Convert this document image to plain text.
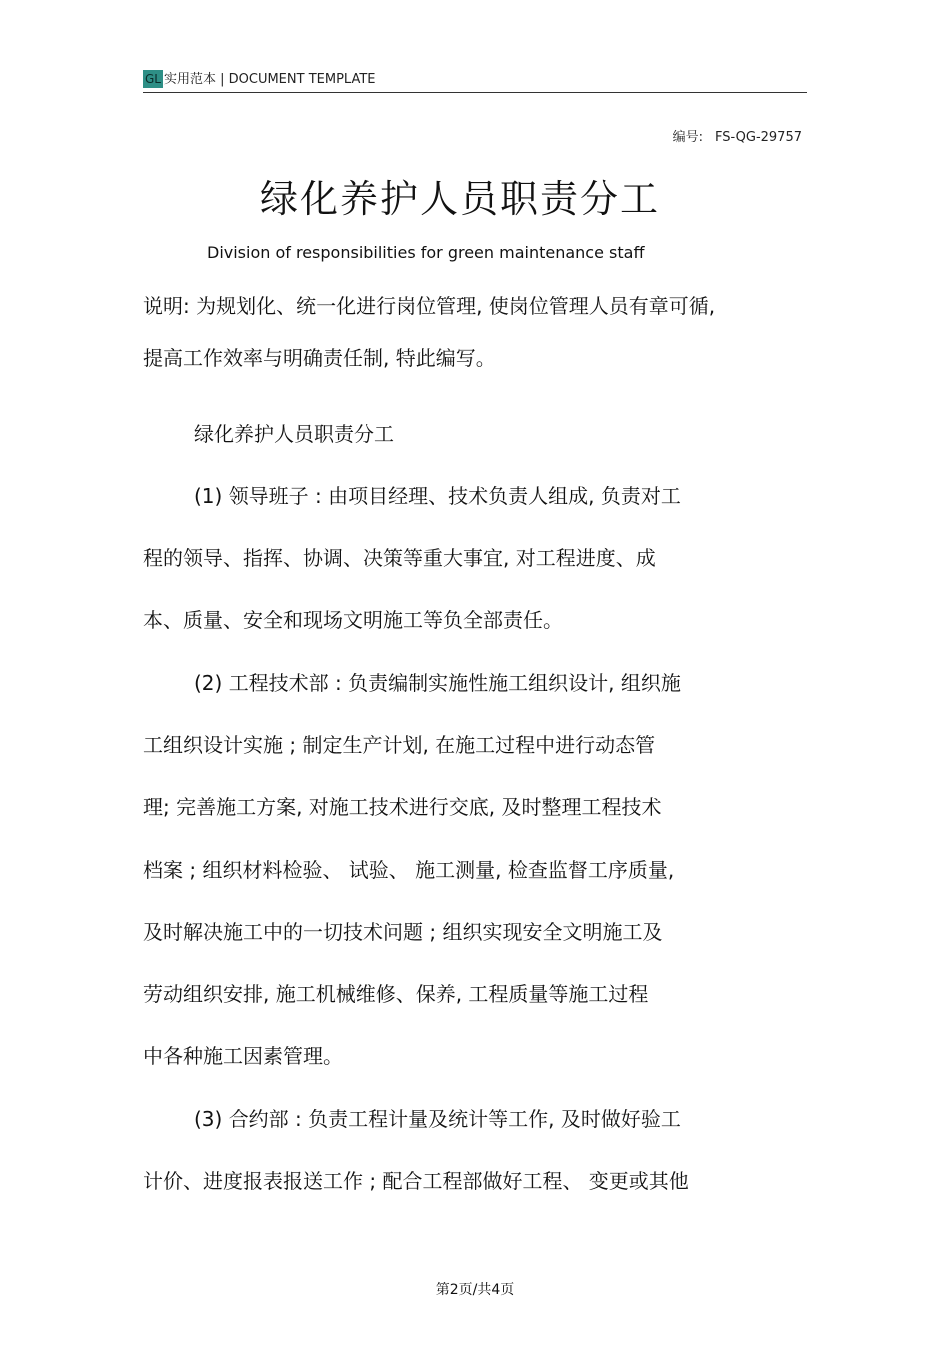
GL 实用范本 | DOCUMENT TEMPLATE
编号: FS-QG-29757
绿化养护人员职责分工
Division of responsibilities for green maintenance staff
说明: 为规划化、统一化进行岗位管理, 使岗位管理人员有章可循,
提高工作效率与明确责任制, 特此编写。
绿化养护人员职责分工
(1) 领导班子 : 由项目经理、技术负责人组成, 负责对工
程的领导、指挥、协调、决策等重大事宜, 对工程进度、成
本、质量、安全和现场文明施工等负全部责任。
(2) 工程技术部 : 负责编制实施性施工组织设计, 组织施
工组织设计实施 ; 制定生产计划, 在施工过程中进行动态管
理; 完善施工方案, 对施工技术进行交底, 及时整理工程技术
档案 ; 组织材料检验、 试验、 施工测量, 检查监督工序质量,
及时解决施工中的一切技术问题 ; 组织实现安全文明施工及
劳动组织安排, 施工机械维修、保养, 工程质量等施工过程
中各种施工因素管理。
(3) 合约部 : 负责工程计量及统计等工作, 及时做好验工
计价、进度报表报送工作 ; 配合工程部做好工程、 变更或其他
第2页/共4页
